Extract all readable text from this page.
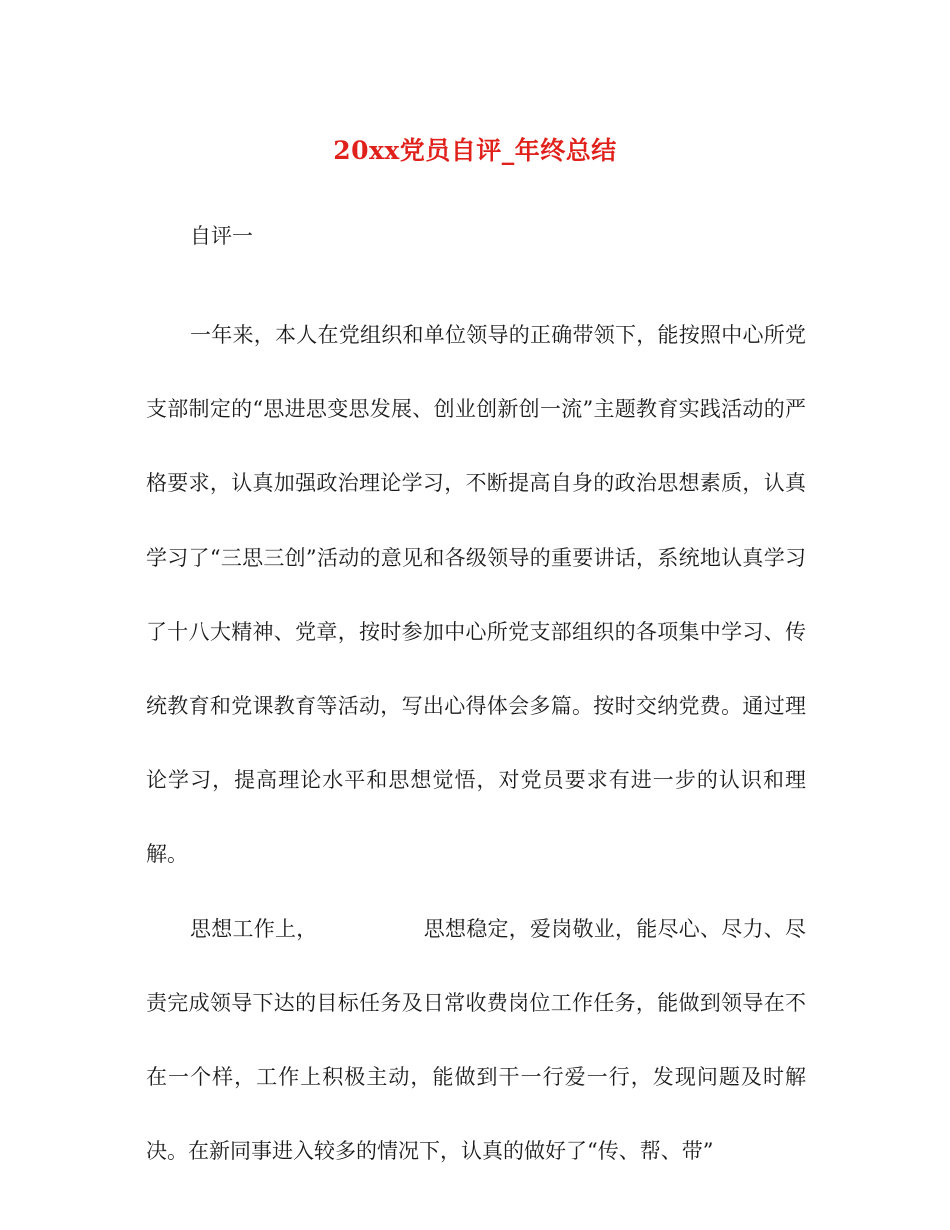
20xx党员自评_年终总结

自评一

一年来，本人在党组织和单位领导的正确带领下，能按照中心所党支部制定的“思进思变思发展、创业创新创一流”主题教育实践活动的严格要求，认真加强政治理论学习，不断提高自身的政治思想素质，认真学习了“三思三创”活动的意见和各级领导的重要讲话，系统地认真学习了十八大精神、党章，按时参加中心所党支部组织的各项集中学习、传统教育和党课教育等活动，写出心得体会多篇。按时交纳党费。通过理论学习，提高理论水平和思想觉悟，对党员要求有进一步的认识和理解。

思想工作上，	思想稳定，爱岗敬业，能尽心、尽力、尽责完成领导下达的目标任务及日常收费岗位工作任务，能做到领导在不在一个样，工作上积极主动，能做到干一行爱一行，发现问题及时解决。在新同事进入较多的情况下，认真的做好了“传、帮、带”
